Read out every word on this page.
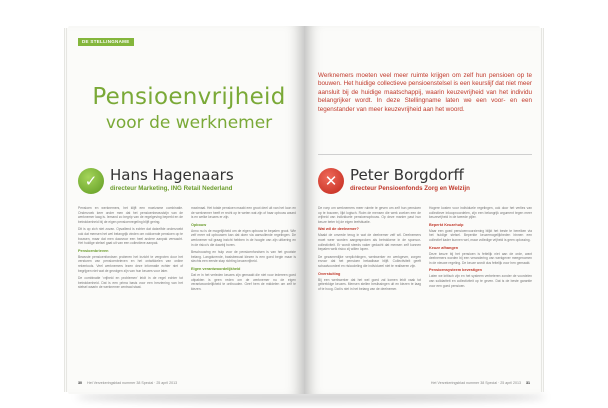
DE STELLINGNAME
Pensioenvrijheid
voor de werknemer
✓ Hans Hagenaars
directeur Marketing, ING Retail Nederland

Pensioen en werknemers, het klijft een moeizame combinatie. Onderzoek keer onder men dat het pensioenbewustzijn van de werknemer laag is. Iemand zo begrip van de regelgeving beperkt en de betrokkenheid bij de eigen pensioenregeling blijft gering.

Dit is op zich niet zovan. Opvallend is echter dat datzelfde onderzoekt ook dat mensen het wel belangrijk vinden om voldoende pensioen op te bouwen, maar dat men daarvoor een heel andere aanpak verwacht. Het huidige stelsel gaat uit van een collectieve aanpak.

Pensioenbrieven

Bewuste pensioenfondsen proberen het inzicht te vergroten door het versturen van pensioenbrieven en het ontwikkelen van online rekentools. Veel werknemers lezen deze informatie echter niet of begrijpen niet wat de gevolgen zijn van hun keuzes voor later.

De combinatie 'vrijheid en problemen' leidt in de regel echter tot betrokkenheid. Dat is een prima basis voor een herziening van het stelsel waarin de werknemer centraal staat.

maximaal. Het totale pensioen maakt een groot deel uit van het loon en de werknemer heeft er recht op te weten wat zijn of haar opbouw waard is en welke keuzes er zijn.

Opbouw

Anno nu is de mogelijkheid om de eigen opbouw te bepalen groot. Wie zelf meer wil opbouwen kan dat doen via aanvullende regelingen. De werknemer wil graag inzicht hebben in de hoogte van zijn uitkering en in de risico's die daarbij horen.

Beschouwing en hulp voor de pensioenfondsen is van het grootste belang. Langdurende, basisbewust kiezen is een goed begin maar is slechts een eerste stap richting keuzevrijheid.

Eigen verantwoordelijkheid

Dat er in het verleden keuzes zijn gemaakt die niet voor iedereen goed uitpakten is geen reden om de werknemer nu de eigen verantwoordelijkheid te onthouden. Geef hem de middelen om zelf te kiezen.

30 Het Verzekeringsblad nummer 38 Special · 25 april 2013

Werknemers moeten veel meer ruimte krijgen om zelf hun pensioen op te bouwen. Het huidige collectieve pensioenstelsel is een keurslijf dat niet meer aansluit bij de huidige maatschappij, waarin keuzevrijheid van het individu belangrijker wordt. In deze Stellingname laten we een voor- en een tegenstander van meer keuzevrijheid aan het woord.

✕ Peter Borgdorff
directeur Pensioenfonds Zorg en Welzijn

De roep om werknemers meer ruimte te geven om zelf hun pensioen op te bouwen, lijkt logisch. Ruim de mensen die werk zoeken een de vrijheid van individuele pensioenopbouw. Op deze manier past hun keuze beter bij de eigen leefsituatie.

Wat wil de deelnemer?

Maakt de onvrede terug in wat de deelnemer zelf wil. Deelnemers moet weer worden aangesproken als betrokkene in de sponsor-collectiviteit. Er wordt steeds vaker gedacht dat mensen zelf kunnen bepalen welk risico zij willen lopen.

De gezamenlijke verplichtingen, werkwerker en werkgever, zorgen ervoor dat het pensioen betaalbaar blijft. Collectiviteit geeft schaalvoordeel en risicodeling die individueel niet te realiseren zijn.

Overstuiting

Bij een werkwerker dat het wel goed zal komen leidt vaak tot gebrekkige keuzes. Mensen stellen beslissingen uit en kiezen te laag of te hoog. Dat is niet in het belang van de deelnemer.

Hogere kosten voor individuele regelingen, ook door het verlies van collectieve inkoopvoordelen, zijn een belangrijk argument tegen meer keuzevrijheid in de tweede pijler.

Beperkt Keuzehulp

Maar een goed pensioenvoorziening blijkt het beste te bereiken via het huidige stelsel. Beperkte keuzemogelijkheden binnen een collectief kader kunnen wel, maar volledige vrijheid is geen oplossing.

Keuze afhangen

Deze keuze bij het pensioen is feitelijk niet aan de orde, want deelnemers worden bij een verandering van werkgever meegenomen in de nieuwe regeling. De keuze wordt dus feitelijk voor hen gemaakt.

Pensioensysteem bevestigen

Laten we kritisch zijn en het systeem verbeteren zonder de voordelen van solidariteit en collectiviteit op te geven. Dat is de beste garantie voor een goed pensioen.

Het Verzekeringsblad nummer 38 Special · 25 april 2013 31
